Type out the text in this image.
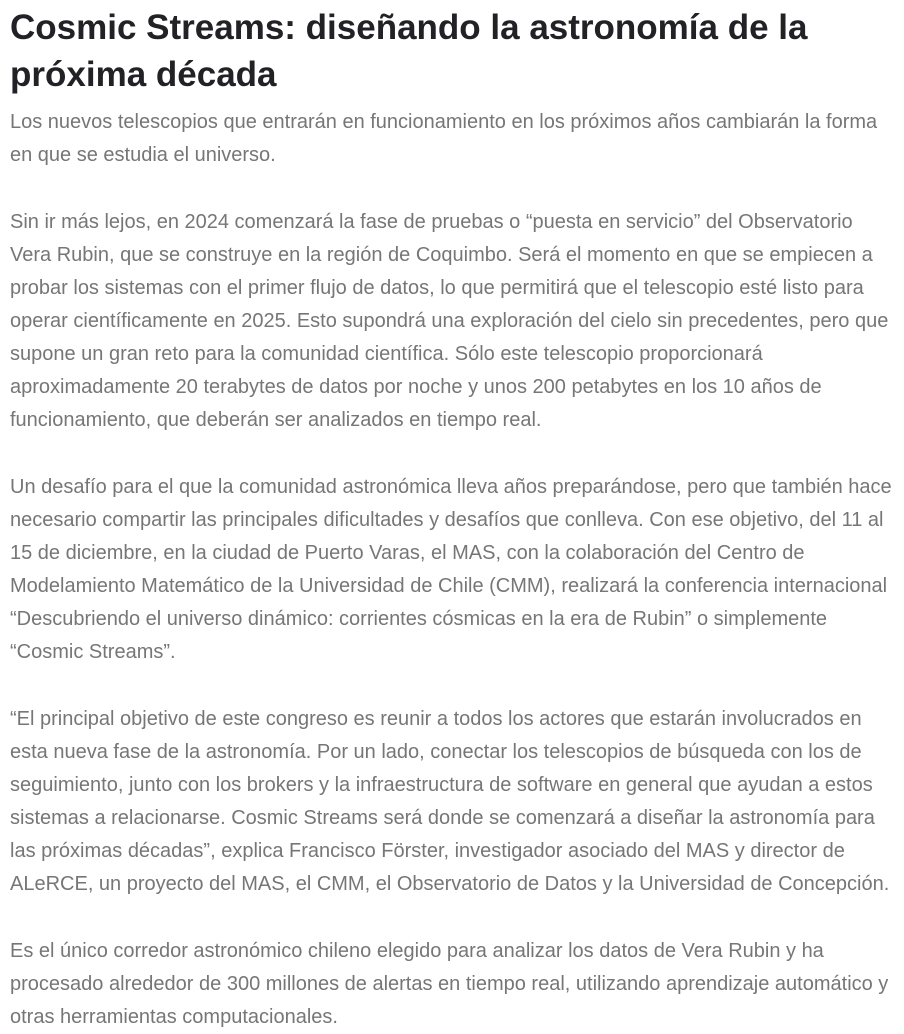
Cosmic Streams: diseñando la astronomía de la próxima década

Los nuevos telescopios que entrarán en funcionamiento en los próximos años cambiarán la forma en que se estudia el universo.

Sin ir más lejos, en 2024 comenzará la fase de pruebas o “puesta en servicio” del Observatorio Vera Rubin, que se construye en la región de Coquimbo. Será el momento en que se empiecen a probar los sistemas con el primer flujo de datos, lo que permitirá que el telescopio esté listo para operar científicamente en 2025. Esto supondrá una exploración del cielo sin precedentes, pero que supone un gran reto para la comunidad científica. Sólo este telescopio proporcionará aproximadamente 20 terabytes de datos por noche y unos 200 petabytes en los 10 años de funcionamiento, que deberán ser analizados en tiempo real.

Un desafío para el que la comunidad astronómica lleva años preparándose, pero que también hace necesario compartir las principales dificultades y desafíos que conlleva. Con ese objetivo, del 11 al 15 de diciembre, en la ciudad de Puerto Varas, el MAS, con la colaboración del Centro de Modelamiento Matemático de la Universidad de Chile (CMM), realizará la conferencia internacional “Descubriendo el universo dinámico: corrientes cósmicas en la era de Rubin” o simplemente “Cosmic Streams”.

“El principal objetivo de este congreso es reunir a todos los actores que estarán involucrados en esta nueva fase de la astronomía. Por un lado, conectar los telescopios de búsqueda con los de seguimiento, junto con los brokers y la infraestructura de software en general que ayudan a estos sistemas a relacionarse. Cosmic Streams será donde se comenzará a diseñar la astronomía para las próximas décadas”, explica Francisco Förster, investigador asociado del MAS y director de ALeRCE, un proyecto del MAS, el CMM, el Observatorio de Datos y la Universidad de Concepción.

Es el único corredor astronómico chileno elegido para analizar los datos de Vera Rubin y ha procesado alrededor de 300 millones de alertas en tiempo real, utilizando aprendizaje automático y otras herramientas computacionales.
